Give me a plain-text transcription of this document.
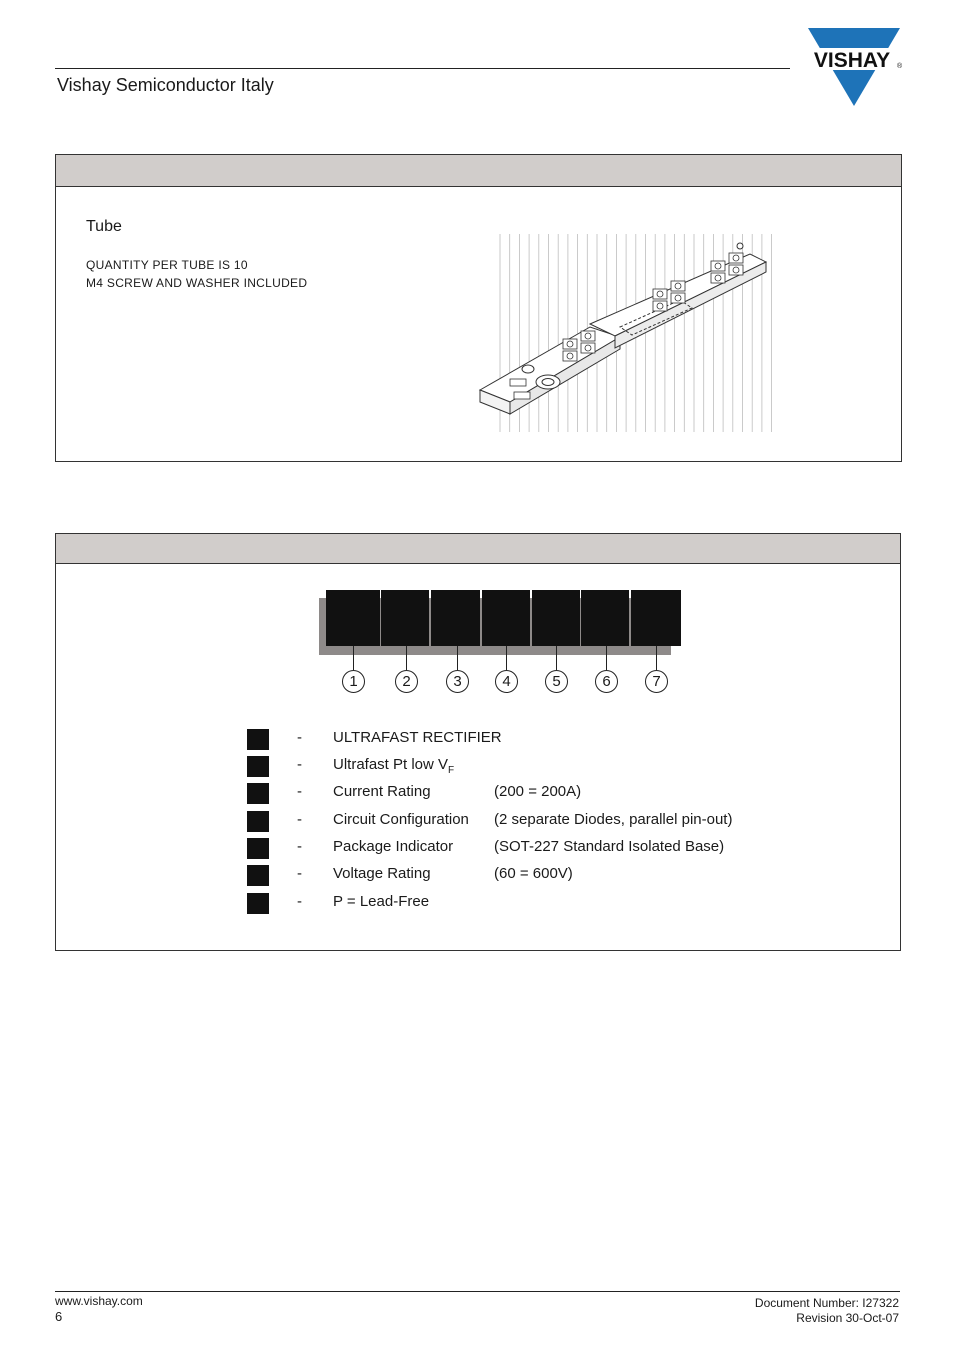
Vishay Semiconductor Italy
VISHAY ®
Tube
QUANTITY PER TUBE IS 10
M4 SCREW AND WASHER INCLUDED
1	2	3	4	5	6	7
- ULTRAFAST RECTIFIER
- Ultrafast Pt low $V_F$
- Current Rating	(200 = 200A)
- Circuit Configuration (2 separate Diodes, parallel pin-out)
- Package Indicator	(SOT-227 Standard Isolated Base)
- Voltage Rating	(60 = 600V)
- P = Lead-Free
www.vishay.com
6
Document Number: I27322
Revision 30-Oct-07
